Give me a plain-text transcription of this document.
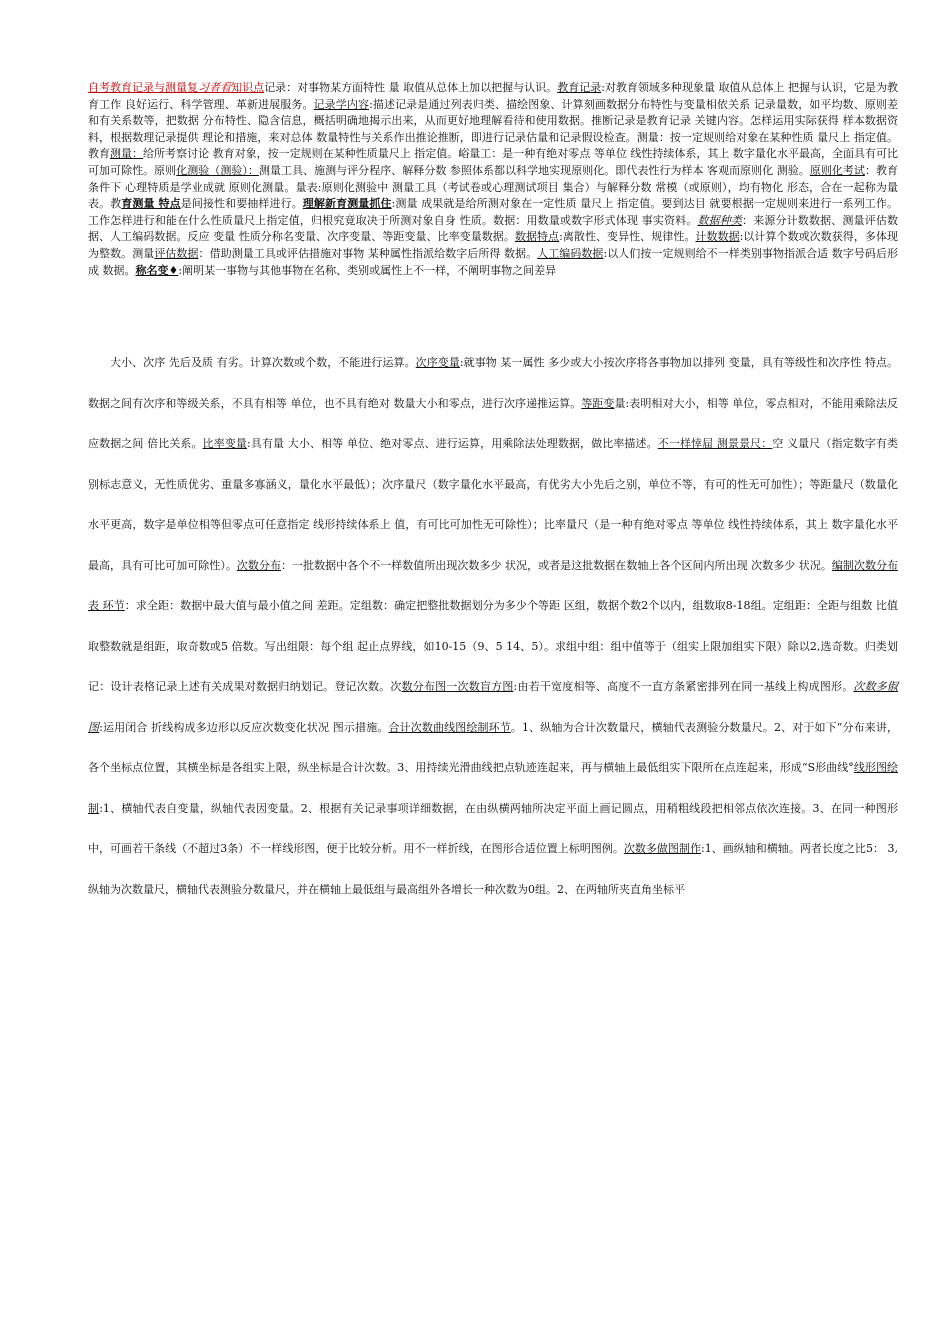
自考教育记录与测量复习者看知识点记录：对事物某方面特性 量 取值从总体上加以把握与认识。教育记录:对教育领域多种现象量 取值从总体上 把握与认识，它是为教育工作 良好运行、科学管理、革新进展服务。记录学内容:描述记录是通过列表归类、描绘图象、计算刻画数据分布特性与变量相依关系 记录量数，如平均数、原则差和有关系数等，把数据 分布特性、隐含信息，概括明确地揭示出来，从而更好地理解看待和使用数据。推断记录是教育记录 关键内容。怎样运用实际获得 样本数据资料，根据数理记录提供 理论和措施，来对总体 数量特性与关系作出推论推断，即进行记录估量和记录假设检查。测量：按一定规则给对象在某种性质 量尺上 指定值。教育测量：给所考察讨论 教育对象，按一定规则在某种性质量尺上 指定值。峪量工：是一种有绝对零点 等单位 线性持续体系，其上 数字量化水平最高，全面具有可比可加可除性。原则化测验（测验）：测量工具、施测与评分程序、解释分数 参照体系都以科学地实现原则化。即代表性行为样本 客观而原则化 测验。原则化考试：教育条件下 心理特质是学业成就 原则化测量。量表:原则化测验中 测量工具（考试卷或心理测试项目 集合）与解释分数 常模（或原则），均有物化 形态，合在一起称为量表。教育测量 特点是间接性和要抽样进行。理解新育测量抓住:测量 成果就是给所测对象在一定性质 量尺上 指定值。要到达目 就要根据一定规则来进行一系列工作。工作怎样进行和能在什么性质量尺上指定值，归根究竟取决于所测对象自身 性质。数据：用数量或数字形式体现 事实资料。数据种类：来源分计数数据、测量评估数据、人工编码数据。反应 变量 性质分称名变量、次序变量、等距变量、比率变量数据。数据特点:离散性、变异性、规律性。计数数据:以计算个数或次数获得，多体现为整数。测量评估数据：借助测量工具或评估措施对事物 某种属性指派给数字后所得 数据。人工编码数据:以人们按一定规则给不一样类别事物指派合适 数字号码后形成 数据。称名变♦:阐明某一事物与其他事物在名称、类别或属性上不一样，不阐明事物之间差异

大小、次序 先后及质 有劣。计算次数或个数，不能进行运算。次序变量:就事物 某一属性 多少或大小按次序将各事物加以排列 变量，具有等级性和次序性 特点。数据之间有次序和等级关系，不具有相等 单位，也不具有绝对 数量大小和零点，进行次序递推运算。等距变量:表明相对大小，相等 单位，零点相对，不能用乘除法反应数据之间 倍比关系。比率变量:具有量 大小、相等 单位、绝对零点、进行运算，用乘除法处理数据，做比率描述。不一样悻屇 测景景尺：空 义量尺（指定数字有类别标志意义，无性质优劣、重量多寡涵义，量化水平最低）；次序量尺（数字量化水平最高，有优劣大小先后之别，单位不等，有可的性无可加性）；等距量尺（数量化水平更高，数字是单位相等但零点可任意指定 线形持续体系上 值，有可比可加性无可除性）；比率量尺（是一种有绝对零点 等单位 线性持续体系，其上 数字量化水平最高，具有可比可加可除性）。次数分布：一批数据中各个不一样数值所出现次数多少 状况，或者是这批数据在数轴上各个区间内所出现 次数多少 状况。编制次数分布表 环节：求全距：数据中最大值与最小值之间 差距。定组数：确定把整批数据划分为多少个等距 区组，数据个数2个以内，组数取8-18组。定组距：全距与组数 比值取整数就是组距，取奇数或5 倍数。写出组限：每个组 起止点界线，如10-15（9、5 14、5）。求组中组：组中值等于（组实上限加组实下限）除以2,选奇数。归类划记：设计表格记录上述有关成果对数据归纳划记。登记次数。次数分布图一次数盲方图:由若干宽度相等、高度不一直方条紧密排列在同一基线上构成图形。次数多俶图:运用闭合 折线构成多边形以反应次数变化状况 图示措施。合计次数曲线图绘制环节。1、纵轴为合计次数量尺，横轴代表测验分数量尺。2、对于如下”分布来讲，各个坐标点位置，其横坐标是各组实上限，纵坐标是合计次数。3、用持续光滑曲线把点轨迹连起来，再与横轴上最低组实下限所在点连起来，形成“S形曲线°线形图绘制:1、横轴代表自变量，纵轴代表因变量。2、根据有关记录事项详细数据，在由纵横两轴所决定平面上画记圆点，用稍粗线段把相邻点依次连接。3、在同一种图形中，可画若干条线（不超过3条）不一样线形图，便于比较分析。用不一样折线，在图形合适位置上标明图例。次数多做图制作:1、画纵轴和横轴。两者长度之比5： 3,纵轴为次数量尺，横轴代表测验分数量尺，并在横轴上最低组与最高组外各增长一种次数为0组。2、在两轴所夹直角坐标平
